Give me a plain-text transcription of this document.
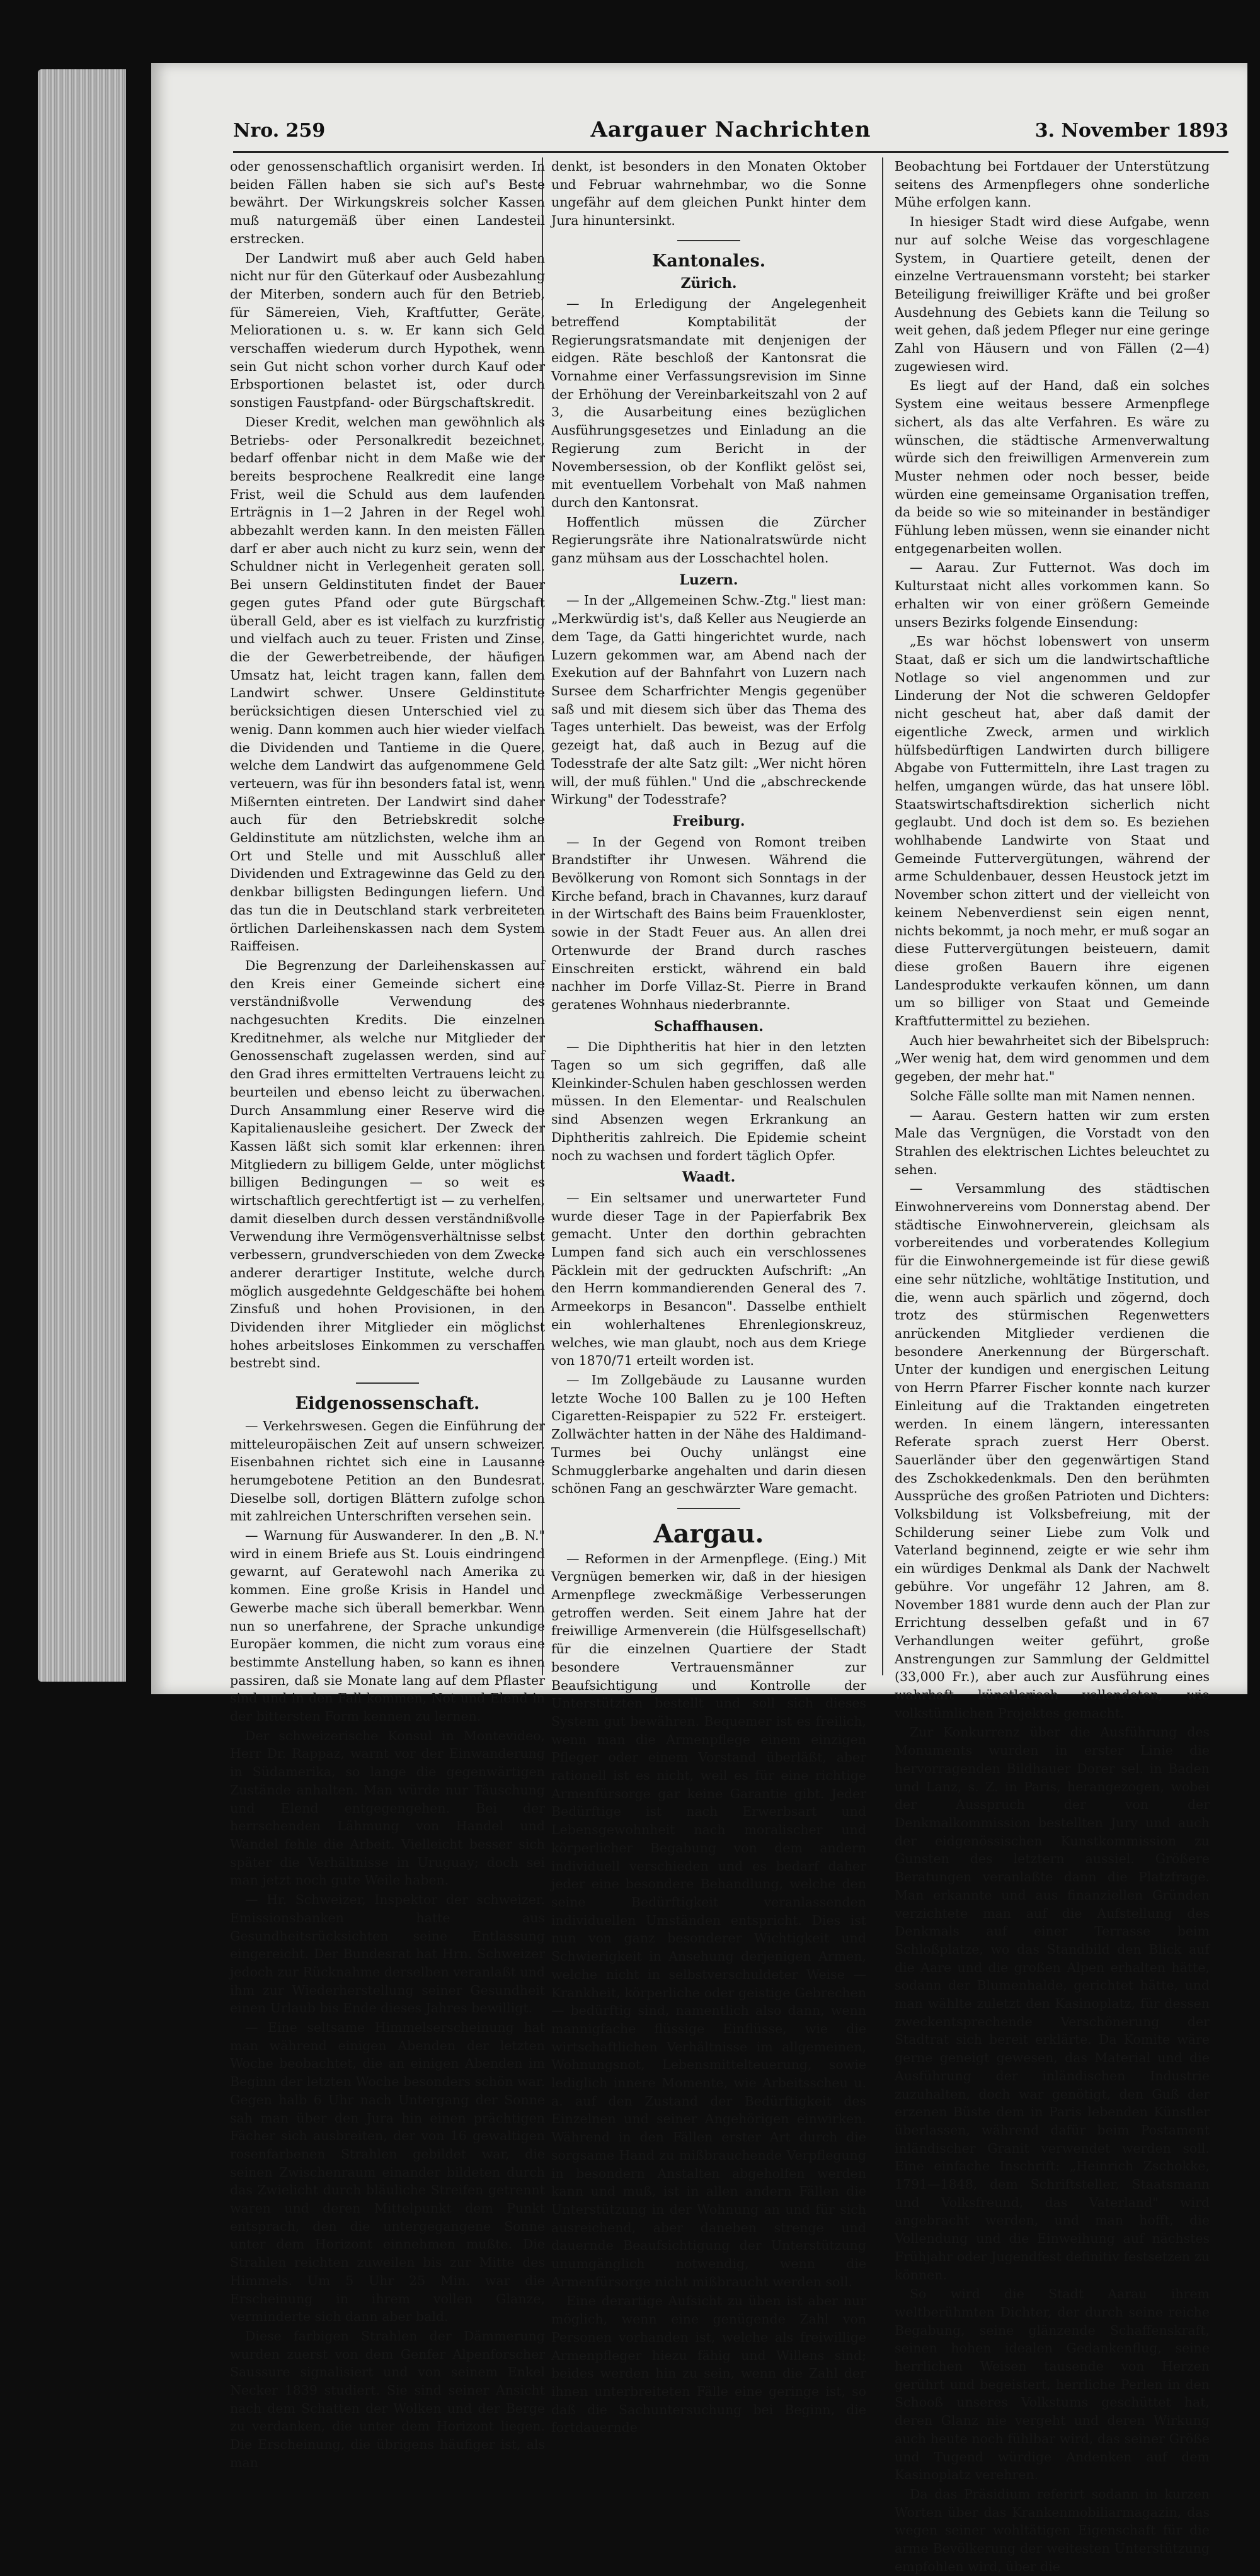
Nro. 259	Aargauer Nachrichten	3. November 1893

oder genossenschaftlich organisirt werden. In beiden Fällen haben sie sich auf's Beste bewährt. Der Wirkungskreis solcher Kassen muß naturgemäß über einen Landesteil erstrecken.

Der Landwirt muß aber auch Geld haben nicht nur für den Güterkauf oder Ausbezahlung der Miterben, sondern auch für den Betrieb, für Sämereien, Vieh, Kraftfutter, Geräte, Meliorationen u. s. w. Er kann sich Geld verschaffen wiederum durch Hypothek, wenn sein Gut nicht schon vorher durch Kauf oder Erbsportionen belastet ist, oder durch sonstigen Faustpfand- oder Bürgschaftskredit.

Dieser Kredit, welchen man gewöhnlich als Betriebs- oder Personalkredit bezeichnet, bedarf offenbar nicht in dem Maße wie der bereits besprochene Realkredit eine lange Frist, weil die Schuld aus dem laufenden Erträgnis in 1—2 Jahren in der Regel wohl abbezahlt werden kann. In den meisten Fällen darf er aber auch nicht zu kurz sein, wenn der Schuldner nicht in Verlegenheit geraten soll. Bei unsern Geldinstituten findet der Bauer gegen gutes Pfand oder gute Bürgschaft überall Geld, aber es ist vielfach zu kurzfristig und vielfach auch zu teuer. Fristen und Zinse, die der Gewerbetreibende, der häufigen Umsatz hat, leicht tragen kann, fallen dem Landwirt schwer. Unsere Geldinstitute berücksichtigen diesen Unterschied viel zu wenig. Dann kommen auch hier wieder vielfach die Dividenden und Tantieme in die Quere, welche dem Landwirt das aufgenommene Geld verteuern, was für ihn besonders fatal ist, wenn Mißernten eintreten. Der Landwirt sind daher auch für den Betriebskredit solche Geldinstitute am nützlichsten, welche ihm an Ort und Stelle und mit Ausschluß aller Dividenden und Extragewinne das Geld zu den denkbar billigsten Bedingungen liefern. Und das tun die in Deutschland stark verbreiteten örtlichen Darleihenskassen nach dem System Raiffeisen.

Die Begrenzung der Darleihenskassen auf den Kreis einer Gemeinde sichert eine verständnißvolle Verwendung des nachgesuchten Kredits. Die einzelnen Kreditnehmer, als welche nur Mitglieder der Genossenschaft zugelassen werden, sind auf den Grad ihres ermittelten Vertrauens leicht zu beurteilen und ebenso leicht zu überwachen. Durch Ansammlung einer Reserve wird die Kapitalienausleihe gesichert. Der Zweck der Kassen läßt sich somit klar erkennen: ihren Mitgliedern zu billigem Gelde, unter möglichst billigen Bedingungen — so weit es wirtschaftlich gerechtfertigt ist — zu verhelfen, damit dieselben durch dessen verständnißvolle Verwendung ihre Vermögensverhältnisse selbst verbessern, grundverschieden von dem Zwecke anderer derartiger Institute, welche durch möglich ausgedehnte Geldgeschäfte bei hohem Zinsfuß und hohen Provisionen, in den Dividenden ihrer Mitglieder ein möglichst hohes arbeitsloses Einkommen zu verschaffen bestrebt sind.

Eidgenossenschaft.

— Verkehrswesen. Gegen die Einführung der mitteleuropäischen Zeit auf unsern schweizer. Eisenbahnen richtet sich eine in Lausanne herumgebotene Petition an den Bundesrat. Dieselbe soll, dortigen Blättern zufolge schon mit zahlreichen Unterschriften versehen sein.

— Warnung für Auswanderer. In den „B. N." wird in einem Briefe aus St. Louis eindringend gewarnt, auf Geratewohl nach Amerika zu kommen. Eine große Krisis in Handel und Gewerbe mache sich überall bemerkbar. Wenn nun so unerfahrene, der Sprache unkundige Europäer kommen, die nicht zum voraus eine bestimmte Anstellung haben, so kann es ihnen passiren, daß sie Monate lang auf dem Pflaster sind und in den Fall kommen, Not und Elend in der bittersten Form kennen zu lernen.

Der schweizerische Konsul in Montevideo, Herr Dr. Rappaz, warnt vor der Einwanderung in Südamerika, so lange die gegenwärtigen Zustände anhalten. Man würde nur Täuschung und Elend entgegengehen. Bei der herrschenden Lähmung von Handel und Wandel fehle die Arbeit. Vielleicht besser sich später die Verhältnisse in Uruguay; doch sei man jetzt noch gute Weile haben.

— Hr. Schweizer, Inspektor der schweizer. Emissionsbanken hatte aus Gesundheitsrücksichten seine Entlassung eingereicht. Der Bundesrat hat Hrn. Schweizer jedoch zur Rücknahme derselben veranlaßt und ihm zur Wiederherstellung seiner Gesundheit einen Urlaub bis Ende dieses Jahres bewilligt.

— Eine seltsame Himmelserscheinung hat man während einigen Abenden der letzten Woche beobachtet, die an einigen Abenden im Beginn der letzten Woche besonders schön war. Gegen halb 6 Uhr nach Untergang der Sonne sah man über den Jura hin einen prächtigen Fächer sich ausbreiten, der von 16 gewaltigen rosenfarbenen Strahlen gebildet war, die seinen Zwischenraum einander bildeten durch das Zwielicht durch bläuliche Streifen getrennt waren und deren Mittelpunkt dem Punkt entsprach, den die untergegangene Sonne unter dem Horizont einnehmen mußte. Die Strahlen reichten zuweilen bis zur Mitte des Himmels. Um 5 Uhr 25 Min. war die Erscheinung in ihrem vollen Glanze, verminderte sich dann aber bald.

Diese farbigen Strahlen der Dämmerung wurden zuerst von dem Genfer Alpenforscher Saussure signalisiert und von seinem Enkel Necker 1839 studiert. Sie sind seiner Ansicht nach dem Schatten der Wolken und der Berge zu verdanken, die unter dem Horizont liegen. Die Erscheinung, die übrigens häufiger ist, als man

denkt, ist besonders in den Monaten Oktober und Februar wahrnehmbar, wo die Sonne ungefähr auf dem gleichen Punkt hinter dem Jura hinuntersinkt.

Kantonales.
Zürich.

— In Erledigung der Angelegenheit betreffend Komptabilität der Regierungsratsmandate mit denjenigen der eidgen. Räte beschloß der Kantonsrat die Vornahme einer Verfassungsrevision im Sinne der Erhöhung der Vereinbarkeitszahl von 2 auf 3, die Ausarbeitung eines bezüglichen Ausführungsgesetzes und Einladung an die Regierung zum Bericht in der Novembersession, ob der Konflikt gelöst sei, mit eventuellem Vorbehalt von Maß nahmen durch den Kantonsrat.

Hoffentlich müssen die Zürcher Regierungsräte ihre Nationalratswürde nicht ganz mühsam aus der Losschachtel holen.

Luzern.

— In der „Allgemeinen Schw.-Ztg." liest man: „Merkwürdig ist's, daß Keller aus Neugierde an dem Tage, da Gatti hingerichtet wurde, nach Luzern gekommen war, am Abend nach der Exekution auf der Bahnfahrt von Luzern nach Sursee dem Scharfrichter Mengis gegenüber saß und mit diesem sich über das Thema des Tages unterhielt. Das beweist, was der Erfolg gezeigt hat, daß auch in Bezug auf die Todesstrafe der alte Satz gilt: „Wer nicht hören will, der muß fühlen." Und die „abschreckende Wirkung" der Todesstrafe?

Freiburg.

— In der Gegend von Romont treiben Brandstifter ihr Unwesen. Während die Bevölkerung von Romont sich Sonntags in der Kirche befand, brach in Chavannes, kurz darauf in der Wirtschaft des Bains beim Frauenkloster, sowie in der Stadt Feuer aus. An allen drei Ortenwurde der Brand durch rasches Einschreiten erstickt, während ein bald nachher im Dorfe Villaz-St. Pierre in Brand geratenes Wohnhaus niederbrannte.

Schaffhausen.

— Die Diphtheritis hat hier in den letzten Tagen so um sich gegriffen, daß alle Kleinkinder-Schulen haben geschlossen werden müssen. In den Elementar- und Realschulen sind Absenzen wegen Erkrankung an Diphtheritis zahlreich. Die Epidemie scheint noch zu wachsen und fordert täglich Opfer.

Waadt.

— Ein seltsamer und unerwarteter Fund wurde dieser Tage in der Papierfabrik Bex gemacht. Unter den dorthin gebrachten Lumpen fand sich auch ein verschlossenes Päcklein mit der gedruckten Aufschrift: „An den Herrn kommandierenden General des 7. Armeekorps in Besancon". Dasselbe enthielt ein wohlerhaltenes Ehrenlegionskreuz, welches, wie man glaubt, noch aus dem Kriege von 1870/71 erteilt worden ist.

— Im Zollgebäude zu Lausanne wurden letzte Woche 100 Ballen zu je 100 Heften Cigaretten-Reispapier zu 522 Fr. ersteigert. Zollwächter hatten in der Nähe des Haldimand-Turmes bei Ouchy unlängst eine Schmugglerbarke angehalten und darin diesen schönen Fang an geschwärzter Ware gemacht.

Aargau.

— Reformen in der Armenpflege. (Eing.) Mit Vergnügen bemerken wir, daß in der hiesigen Armenpflege zweckmäßige Verbesserungen getroffen werden. Seit einem Jahre hat der freiwillige Armenverein (die Hülfsgesellschaft) für die einzelnen Quartiere der Stadt besondere Vertrauensmänner zur Beaufsichtigung und Kontrolle der Unterstützten bestellt und soll sich dieses System gut bewähren. Bequemer ist es freilich, wenn man die Armenpflege einem einzigen Pfleger oder einem Vorstand überläßt, aber rationell ist es nicht, weil es für eine richtige Armenfürsorge gar keine Garantie gibt. Jeder Bedürftige ist nach Erwerbsart und Lebensgewohnheit nach moralischer und körperlicher Begabung von dem andern individuell verschieden und es bedarf daher jeder eine besondere Behandlung, welche den seine Bedürftigkeit veranlassenden individuellen Umständen entspricht. Dies ist nun von ganz besonderer Wichtigkeit und Schwierigkeit in Ansehung derjenigen Armen, welche nicht in selbstverschuldeter Weise — Krankheit, körperliche oder geistige Gebrechen — bedürftig sind, namentlich also dann, wenn mannigfache flüssige Einflüsse, wie die wirtschaftlichen Verhältnisse im allgemeinen, Wohnungsnot, Lebensmittelteuerung, sowie lediglich innere Momente, wie Arbeitsscheu u. a. auf den Zustand der Bedürftigkeit des Einzelnen und seiner Angehörigen einwirken. Während in den Fällen erster Art durch die sorgsame Hand zu mißbrauchende Verpflegung in besondern Anstalten abgeholfen werden kann und muß, ist in allen andern Fällen die Unterstützung in der Wohnung an und für sich ausreichend, aber daneben strenge und dauernde Beaufsichtigung der Unterstützung unumgänglich notwendig, wenn die Armenfürsorge nicht mißbraucht werden soll.

Eine derartige Aufsicht zu üben ist aber nur möglich, wenn eine genügende Zahl von Personen vorhanden ist, welche als freiwillige Armenpfleger hiezu fähig und Willens sind; beides werden hin zu sein, wenn die Zahl der ihnen unterbreiteten Fälle eine geringe ist, so daß die Sachuntersuchung bei Beginn, die fortdauernde

Beobachtung bei Fortdauer der Unterstützung seitens des Armenpflegers ohne sonderliche Mühe erfolgen kann.

In hiesiger Stadt wird diese Aufgabe, wenn nur auf solche Weise das vorgeschlagene System, in Quartiere geteilt, denen der einzelne Vertrauensmann vorsteht; bei starker Beteiligung freiwilliger Kräfte und bei großer Ausdehnung des Gebiets kann die Teilung so weit gehen, daß jedem Pfleger nur eine geringe Zahl von Häusern und von Fällen (2—4) zugewiesen wird.

Es liegt auf der Hand, daß ein solches System eine weitaus bessere Armenpflege sichert, als das alte Verfahren. Es wäre zu wünschen, die städtische Armenverwaltung würde sich den freiwilligen Armenverein zum Muster nehmen oder noch besser, beide würden eine gemeinsame Organisation treffen, da beide so wie so miteinander in beständiger Fühlung leben müssen, wenn sie einander nicht entgegenarbeiten wollen.

— Aarau. Zur Futternot. Was doch im Kulturstaat nicht alles vorkommen kann. So erhalten wir von einer größern Gemeinde unsers Bezirks folgende Einsendung:

„Es war höchst lobenswert von unserm Staat, daß er sich um die landwirtschaftliche Notlage so viel angenommen und zur Linderung der Not die schweren Geldopfer nicht gescheut hat, aber daß damit der eigentliche Zweck, armen und wirklich hülfsbedürftigen Landwirten durch billigere Abgabe von Futtermitteln, ihre Last tragen zu helfen, umgangen würde, das hat unsere löbl. Staatswirtschaftsdirektion sicherlich nicht geglaubt. Und doch ist dem so. Es beziehen wohlhabende Landwirte von Staat und Gemeinde Futtervergütungen, während der arme Schuldenbauer, dessen Heustock jetzt im November schon zittert und der vielleicht von keinem Nebenverdienst sein eigen nennt, nichts bekommt, ja noch mehr, er muß sogar an diese Futtervergütungen beisteuern, damit diese großen Bauern ihre eigenen Landesprodukte verkaufen können, um dann um so billiger von Staat und Gemeinde Kraftfuttermittel zu beziehen.

Auch hier bewahrheitet sich der Bibelspruch: „Wer wenig hat, dem wird genommen und dem gegeben, der mehr hat."

Solche Fälle sollte man mit Namen nennen.

— Aarau. Gestern hatten wir zum ersten Male das Vergnügen, die Vorstadt von den Strahlen des elektrischen Lichtes beleuchtet zu sehen.

— Versammlung des städtischen Einwohnervereins vom Donnerstag abend. Der städtische Einwohnerverein, gleichsam als vorbereitendes und vorberatendes Kollegium für die Einwohnergemeinde ist für diese gewiß eine sehr nützliche, wohltätige Institution, und die, wenn auch spärlich und zögernd, doch trotz des stürmischen Regenwetters anrückenden Mitglieder verdienen die besondere Anerkennung der Bürgerschaft. Unter der kundigen und energischen Leitung von Herrn Pfarrer Fischer konnte nach kurzer Einleitung auf die Traktanden eingetreten werden. In einem längern, interessanten Referate sprach zuerst Herr Oberst. Sauerländer über den gegenwärtigen Stand des Zschokkedenkmals. Den den berühmten Aussprüche des großen Patrioten und Dichters: Volksbildung ist Volksbefreiung, mit der Schilderung seiner Liebe zum Volk und Vaterland beginnend, zeigte er wie sehr ihm ein würdiges Denkmal als Dank der Nachwelt gebühre. Vor ungefähr 12 Jahren, am 8. November 1881 wurde denn auch der Plan zur Errichtung desselben gefaßt und in 67 Verhandlungen weiter geführt, große Anstrengungen zur Sammlung der Geldmittel (33,000 Fr.), aber auch zur Ausführung eines wahrhaft künstlerisch vollendeten, wie volkstümlichen Projektes gemacht.

Zur Konkurrenz über die Ausführung des Monuments wurden in erster Linie die hervorragenden Bildhauer Dorer sel. in Baden und Lanz, s. Z. in Paris, herangezogen, wobei der Ausspruch der von der Denkmalkommission bestellten Jury und auch der eidgenössischen Kunstkommission zu Gunsten des letztern aussiel. Größere Beratungen veranlaßte dann die Platzfrage. Man erkannte und aus finanziellen Gründen verzichtete man auf die Aufstellung des Denkmals auf einer Terrasse beim Schloßplatze, wo das Standbild den Blick auf die Aare und die großen Alpen erhalten hätte, sodann der Blumenhalde, gerichtet hätte, und man wählte zuletzt den Kasinoplatz, für dessen zweckentsprechende Verschönerung der Stadtrat sich bereit erklärte. Da Komite wäre gerne geneigt gewesen, das Material und die Ausführung der inländischen Industrie zuzuhalten, doch war genötigt, den Guß der erzenen Büste dem in Paris lebenden Künstler überlassen, während dafür beim Postament inländischer Granit verwendet werden soll. Eine einfache Inschrift: „Heinrich Zschokke, 1791—1848, dem Schriftsteller, Staatsmann und Volksfreund, das Vaterland" wird angebracht werden, und man hofft, die Vollendung und die Einweihung auf nächstes Frühjahr oder Jugendfest definitiv festsetzen zu können.

So wird die Stadt Aarau ihrem weltberühmten Dichter, der durch seine reiche Begabung, seine glänzende Schaffenskraft, seinen hohen idealen Gedankenflug, seine herrlichen Weisen tausende von Herzen gerührt und begeistert, herrliche Perlen in den Schooß unseres Volkstums geschüttet hat, deren Glanz nie vergeht und deren Wirkung auch heute noch fühlbar wird, das seiner Größe und Tugend würdige Andenken auf dem Kasinoplatz verehren.

Da das Präsidium referirt sodann in kurzen Worten über das Krankenmobiliarmagazin, das wegen seiner wohltätigen Eigenschaft für die arme Bevölkerung der weitesten Unterstützung empfohlen wird, über die
